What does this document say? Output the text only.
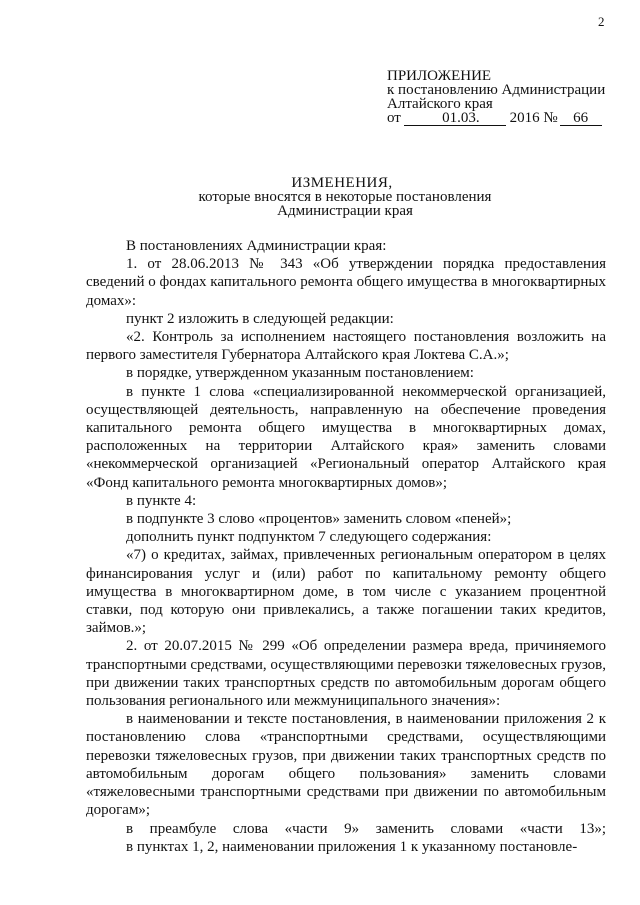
2
ПРИЛОЖЕНИЕ
к постановлению Администрации
Алтайского края
от	01.03. 2016 № 66
ИЗМЕНЕНИЯ,
которые вносятся в некоторые постановления
Администрации края

В постановлениях Администрации края:

1. от 28.06.2013 № 343 «Об утверждении порядка предоставления сведений о фондах капитального ремонта общего имущества в многоквартирных домах»:

пункт 2 изложить в следующей редакции:

«2. Контроль за исполнением настоящего постановления возложить на первого заместителя Губернатора Алтайского края Локтева С.А.»;

в порядке, утвержденном указанным постановлением:

в пункте 1 слова «специализированной некоммерческой организацией, осуществляющей деятельность, направленную на обеспечение проведения капитального ремонта общего имущества в многоквартирных домах, расположенных на территории Алтайского края» заменить словами «некоммерческой организацией «Региональный оператор Алтайского края «Фонд капитального ремонта многоквартирных домов»;

в пункте 4:

в подпункте 3 слово «процентов» заменить словом «пеней»;

дополнить пункт подпунктом 7 следующего содержания:

«7) о кредитах, займах, привлеченных региональным оператором в целях финансирования услуг и (или) работ по капитальному ремонту общего имущества в многоквартирном доме, в том числе с указанием процентной ставки, под которую они привлекались, а также погашении таких кредитов, займов.»;

2. от 20.07.2015 № 299 «Об определении размера вреда, причиняемого транспортными средствами, осуществляющими перевозки тяжеловесных грузов, при движении таких транспортных средств по автомобильным дорогам общего пользования регионального или межмуниципального значения»:

в наименовании и тексте постановления, в наименовании приложения 2 к постановлению слова «транспортными средствами, осуществляющими перевозки тяжеловесных грузов, при движении таких транспортных средств по автомобильным дорогам общего пользования» заменить словами «тяжеловесными транспортными средствами при движении по автомобильным дорогам»;

в преамбуле слова «части 9» заменить словами «части 13»;

в пунктах 1, 2, наименовании приложения 1 к указанному постановле-
